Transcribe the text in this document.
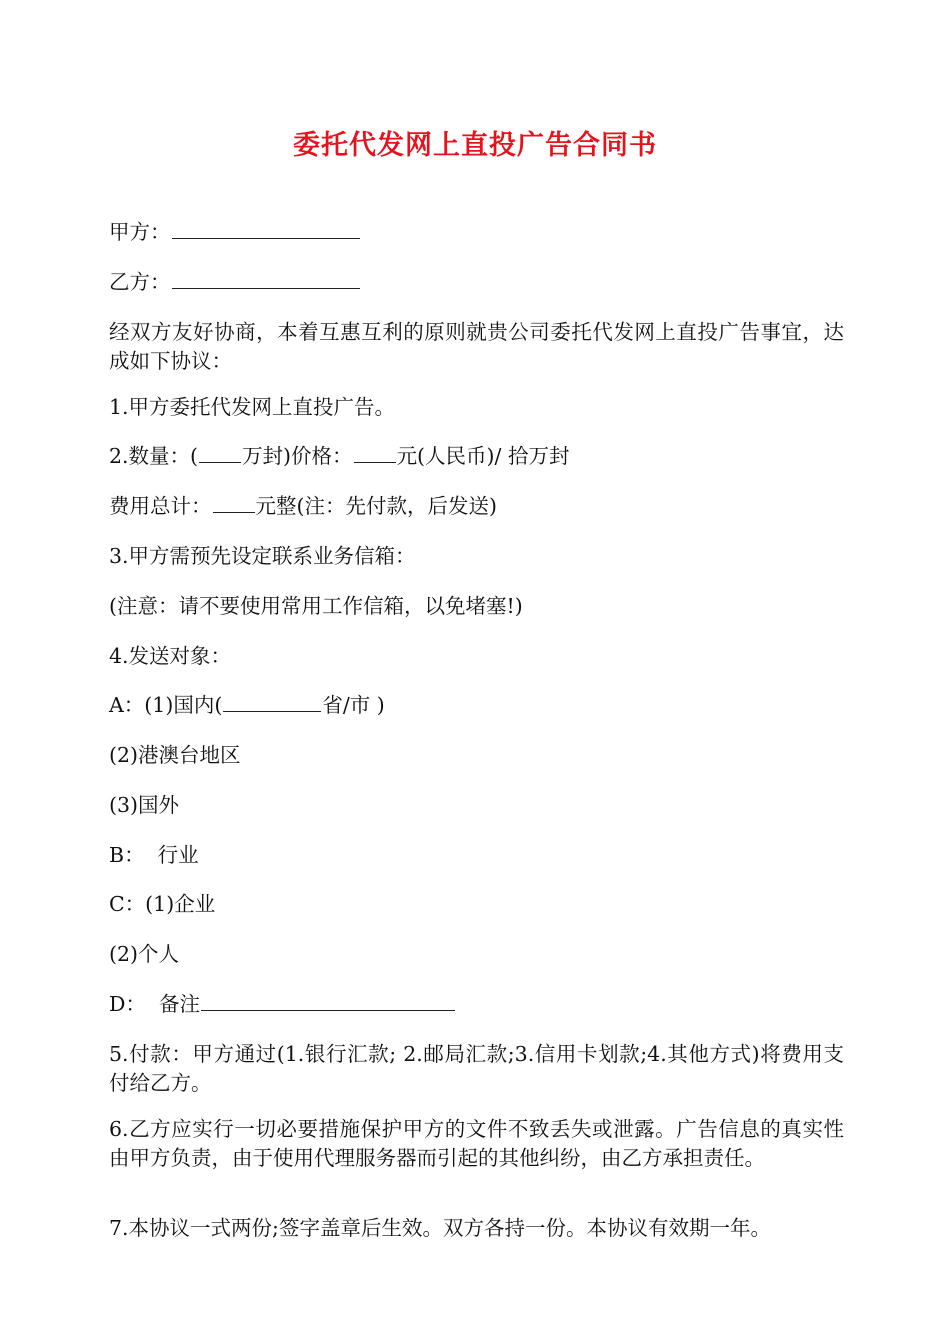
委托代发网上直投广告合同书
甲方：
乙方：
经双方友好协商，本着互惠互利的原则就贵公司委托代发网上直投广告事宜，达成如下协议：
1.甲方委托代发网上直投广告。
2.数量：( 万封)价格： 元(人民币)/ 拾万封
费用总计： 元整(注：先付款，后发送)
3.甲方需预先设定联系业务信箱：
(注意：请不要使用常用工作信箱，以免堵塞!)
4.发送对象：
A：(1)国内(	省/市 )
(2)港澳台地区
(3)国外
B：  行业
C：(1)企业
(2)个人
D：  备注
5.付款：甲方通过(1.银行汇款; 2.邮局汇款;3.信用卡划款;4.其他方式)将费用支付给乙方。
6.乙方应实行一切必要措施保护甲方的文件不致丢失或泄露。广告信息的真实性由甲方负责，由于使用代理服务器而引起的其他纠纷，由乙方承担责任。
7.本协议一式两份;签字盖章后生效。双方各持一份。本协议有效期一年。
